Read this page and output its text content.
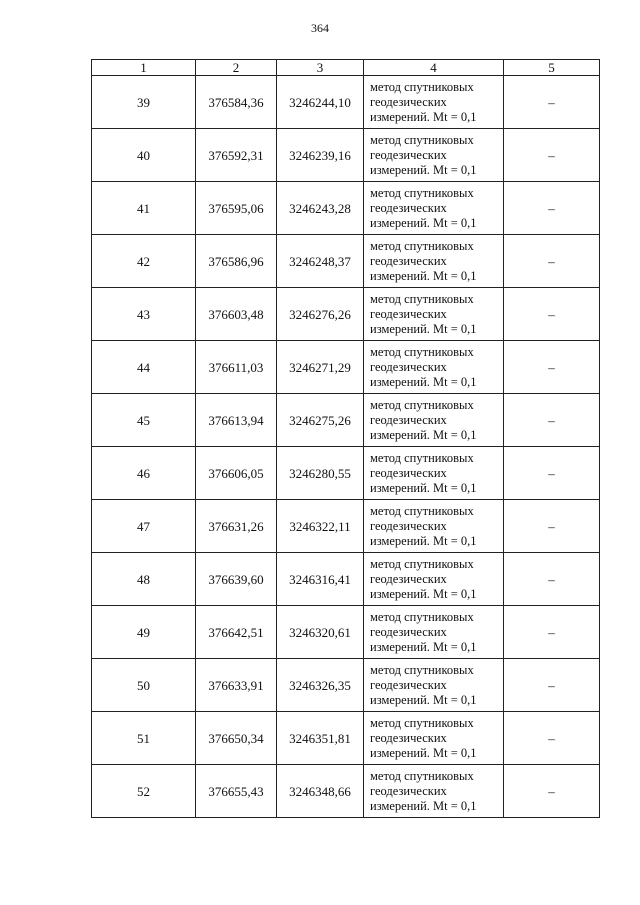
364
1	2	3	4	5
39	376584,36	3246244,10	метод спутниковых
геодезических
измерений. Mt = 0,1	–
40	376592,31	3246239,16	метод спутниковых
геодезических
измерений. Mt = 0,1	–
41	376595,06	3246243,28	метод спутниковых
геодезических
измерений. Mt = 0,1	–
42	376586,96	3246248,37	метод спутниковых
геодезических
измерений. Mt = 0,1	–
43	376603,48	3246276,26	метод спутниковых
геодезических
измерений. Mt = 0,1	–
44	376611,03	3246271,29	метод спутниковых
геодезических
измерений. Mt = 0,1	–
45	376613,94	3246275,26	метод спутниковых
геодезических
измерений. Mt = 0,1	–
46	376606,05	3246280,55	метод спутниковых
геодезических
измерений. Mt = 0,1	–
47	376631,26	3246322,11	метод спутниковых
геодезических
измерений. Mt = 0,1	–
48	376639,60	3246316,41	метод спутниковых
геодезических
измерений. Mt = 0,1	–
49	376642,51	3246320,61	метод спутниковых
геодезических
измерений. Mt = 0,1	–
50	376633,91	3246326,35	метод спутниковых
геодезических
измерений. Mt = 0,1	–
51	376650,34	3246351,81	метод спутниковых
геодезических
измерений. Mt = 0,1	–
52	376655,43	3246348,66	метод спутниковых
геодезических
измерений. Mt = 0,1	–
